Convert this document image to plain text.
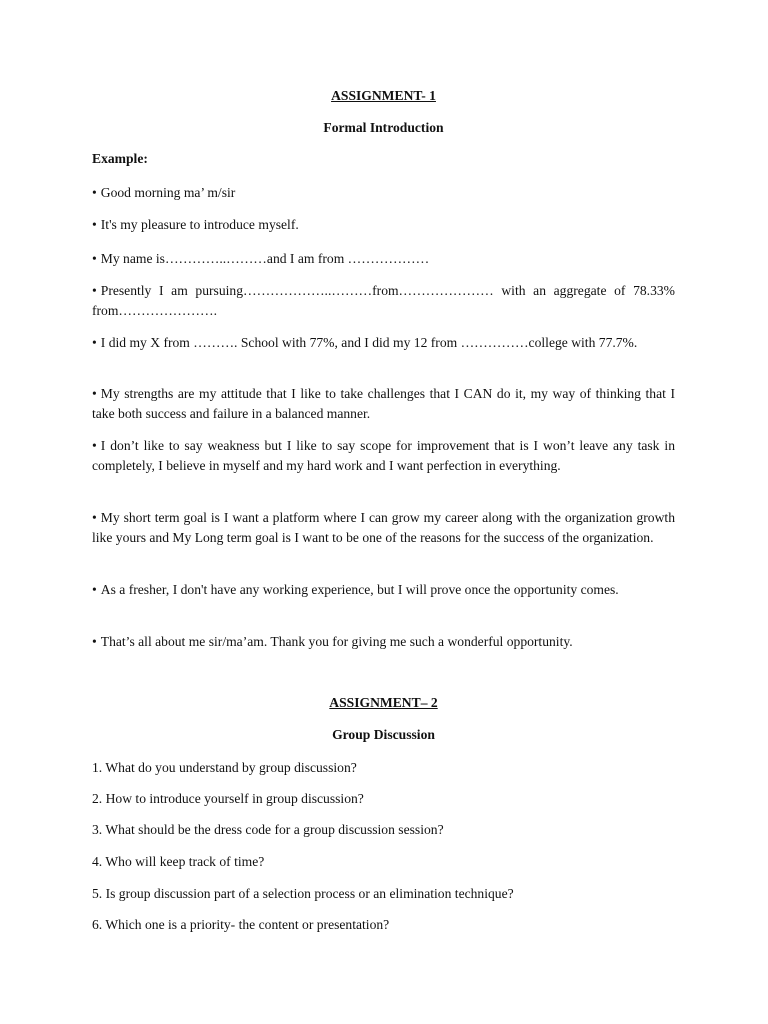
ASSIGNMENT- 1
Formal Introduction
Example:
• Good morning ma’ m/sir
• It's my pleasure to introduce myself.
• My name is…………..………and I am from ………………
• Presently I am pursuing………………..………from………………… with an aggregate of 78.33% from………………….
• I did my X from ………. School with 77%, and I did my 12 from ……………college with 77.7%.
• My strengths are my attitude that I like to take challenges that I CAN do it, my way of thinking that I take both success and failure in a balanced manner.
• I don’t like to say weakness but I like to say scope for improvement that is I won’t leave any task in completely, I believe in myself and my hard work and I want perfection in everything.
• My short term goal is I want a platform where I can grow my career along with the organization growth like yours and My Long term goal is I want to be one of the reasons for the success of the organization.
• As a fresher, I don't have any working experience, but I will prove once the opportunity comes.
• That’s all about me sir/ma’am. Thank you for giving me such a wonderful opportunity.
ASSIGNMENT– 2
Group Discussion
1. What do you understand by group discussion?
2. How to introduce yourself in group discussion?
3. What should be the dress code for a group discussion session?
4. Who will keep track of time?
5. Is group discussion part of a selection process or an elimination technique?
6. Which one is a priority- the content or presentation?
